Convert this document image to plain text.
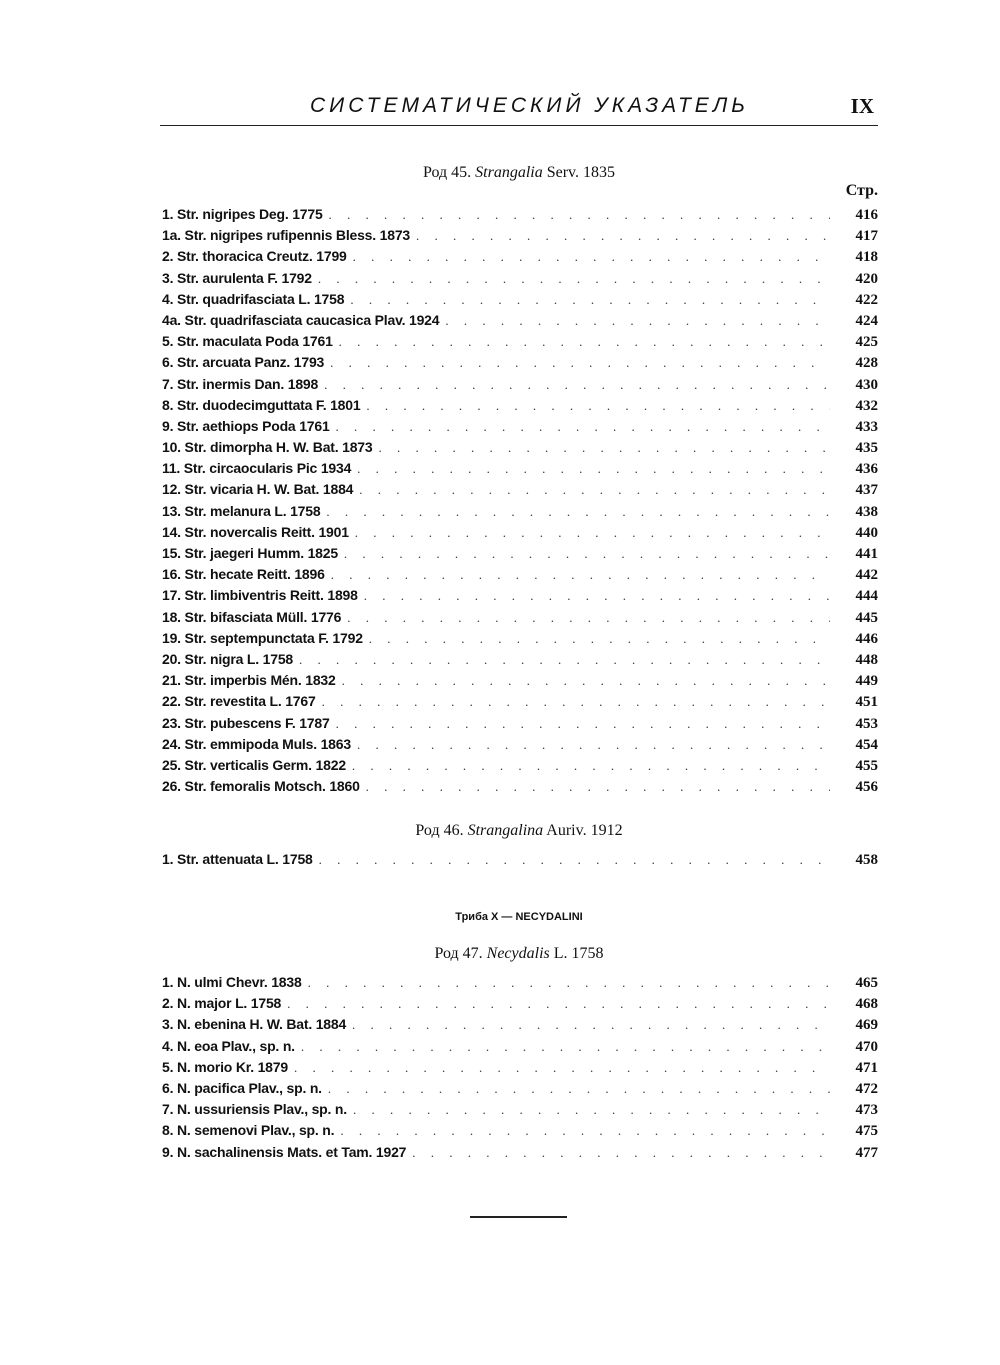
СИСТЕМАТИЧЕСКИЙ УКАЗАТЕЛЬ	IX
Род 45. Strangalia Serv. 1835
Стр.
1. Str. nigripes Deg. 1775 . . .	416
1a. Str. nigripes rufipennis Bless. 1873 . . .	417
2. Str. thoracica Creutz. 1799 . . .	418
3. Str. aurulenta F. 1792 . . .	420
4. Str. quadrifasciata L. 1758 . . .	422
4a. Str. quadrifasciata caucasica Plav. 1924 . . .	424
5. Str. maculata Poda 1761 . . .	425
6. Str. arcuata Panz. 1793 . . .	428
7. Str. inermis Dan. 1898 . . .	430
8. Str. duodecimguttata F. 1801 . . .	432
9. Str. aethiops Poda 1761 . . .	433
10. Str. dimorpha H. W. Bat. 1873 . . .	435
11. Str. circaocularis Pic 1934 . . .	436
12. Str. vicaria H. W. Bat. 1884 . . .	437
13. Str. melanura L. 1758 . . .	438
14. Str. novercalis Reitt. 1901 . . .	440
15. Str. jaegeri Humm. 1825 . . .	441
16. Str. hecate Reitt. 1896 . . .	442
17. Str. limbiventris Reitt. 1898 . . .	444
18. Str. bifasciata Müll. 1776 . . .	445
19. Str. septempunctata F. 1792 . . .	446
20. Str. nigra L. 1758 . . .	448
21. Str. imperbis Mén. 1832 . . .	449
22. Str. revestita L. 1767 . . .	451
23. Str. pubescens F. 1787 . . .	453
24. Str. emmipoda Muls. 1863 . . .	454
25. Str. verticalis Germ. 1822 . . .	455
26. Str. femoralis Motsch. 1860 . . .	456
Род 46. Strangalina Auriv. 1912
1. Str. attenuata L. 1758 . . .	458
Триба X — NECYDALINI
Род 47. Necydalis L. 1758
1. N. ulmi Chevr. 1838 . . .	465
2. N. major L. 1758 . . .	468
3. N. ebenina H. W. Bat. 1884 . . .	469
4. N. eoa Plav., sp. n. . . .	470
5. N. morio Kr. 1879 . . .	471
6. N. pacifica Plav., sp. n. . . .	472
7. N. ussuriensis Plav., sp. n. . . .	473
8. N. semenovi Plav., sp. n. . . .	475
9. N. sachalinensis Mats. et Tam. 1927 . . .	477
